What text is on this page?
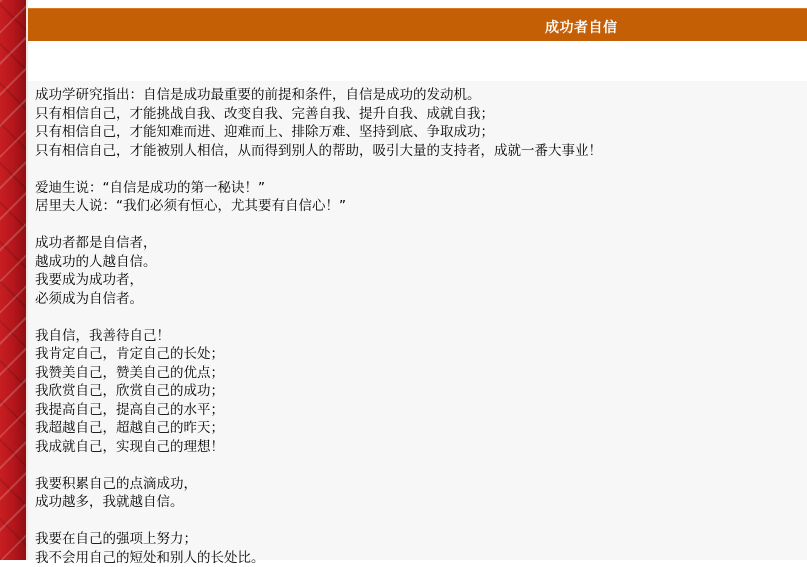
成功者自信
成功学研究指出：自信是成功最重要的前提和条件，自信是成功的发动机。
只有相信自己，才能挑战自我、改变自我、完善自我、提升自我、成就自我；
只有相信自己，才能知难而进、迎难而上、排除万难、坚持到底、争取成功；
只有相信自己，才能被别人相信，从而得到别人的帮助，吸引大量的支持者，成就一番大事业！
爱迪生说：“自信是成功的第一秘诀！”
居里夫人说：“我们必须有恒心，尤其要有自信心！”
成功者都是自信者，
越成功的人越自信。
我要成为成功者，
必须成为自信者。
我自信，我善待自己！
我肯定自己，肯定自己的长处；
我赞美自己，赞美自己的优点；
我欣赏自己，欣赏自己的成功；
我提高自己，提高自己的水平；
我超越自己，超越自己的昨天；
我成就自己，实现自己的理想！
我要积累自己的点滴成功，
成功越多，我就越自信。
我要在自己的强项上努力；
我不会用自己的短处和别人的长处比。
